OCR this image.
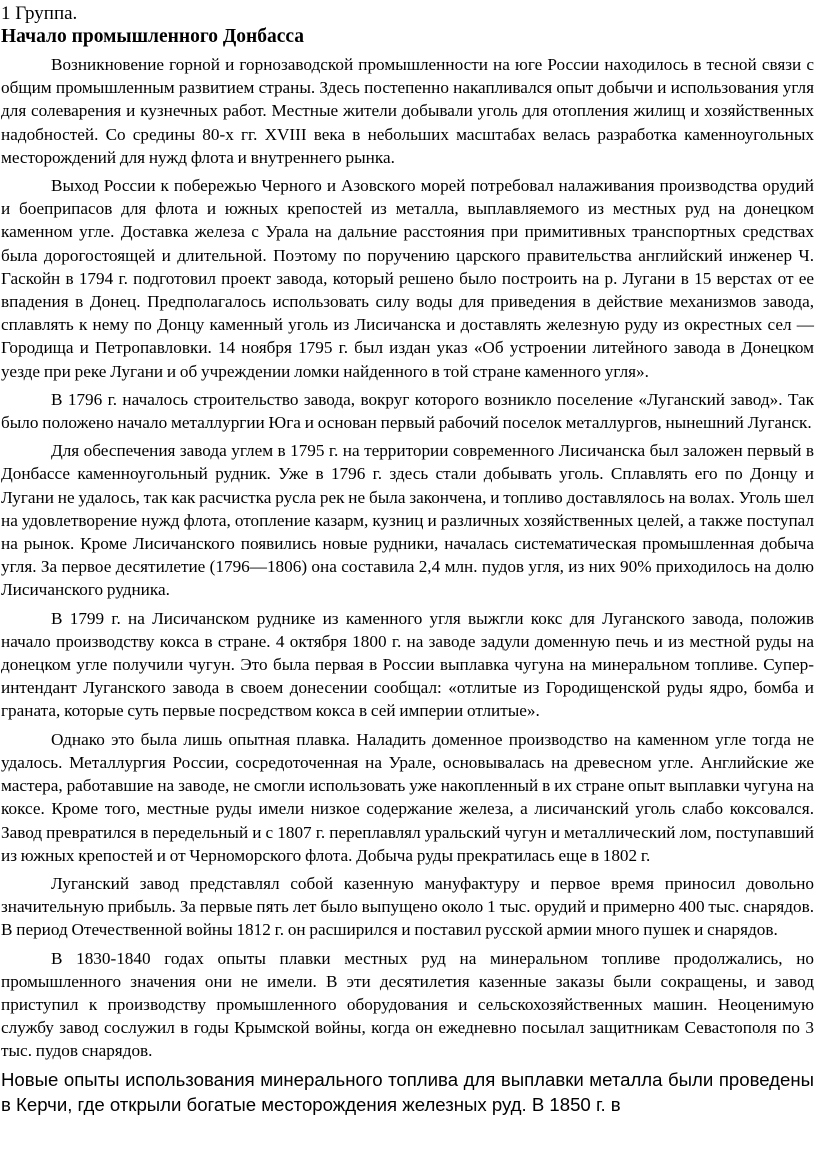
1 Группа.
Начало промышленного Донбасса

Возникновение горной и горнозаводской промышленности на юге России находилось в тесной связи с общим промышленным развитием страны. Здесь постепенно накапливался опыт добычи и использования угля для солеварения и кузнечных работ. Местные жители добывали уголь для отопления жилищ и хозяйственных надобностей. Со средины 80-х гг. XVIII века в небольших масштабах велась разработка каменноугольных месторождений для нужд флота и внутреннего рынка.

Выход России к побережью Черного и Азовского морей потребовал налаживания производства орудий и боеприпасов для флота и южных крепостей из металла, выплавляемого из местных руд на донецком каменном угле. Доставка железа с Урала на дальние расстояния при примитивных транспортных средствах была дорогостоящей и длительной. Поэтому по поручению царского правительства английский инженер Ч. Гаскойн в 1794 г. подготовил проект завода, который решено было построить на р. Лугани в 15 верстах от ее впадения в Донец. Предполагалось использовать силу воды для приведения в действие механизмов завода, сплавлять к нему по Донцу каменный уголь из Лисичанска и доставлять железную руду из окрестных сел — Городища и Петропавловки. 14 ноября 1795 г. был издан указ «Об устроении литейного завода в Донецком уезде при реке Лугани и об учреждении ломки найденного в той стране каменного угля».

В 1796 г. началось строительство завода, вокруг которого возникло поселение «Луганский завод». Так было положено начало металлургии Юга и основан первый рабочий поселок металлургов, нынешний Луганск.

Для обеспечения завода углем в 1795 г. на территории современного Лисичанска был заложен первый в Донбассе каменноугольный рудник. Уже в 1796 г. здесь стали добывать уголь. Сплавлять его по Донцу и Лугани не удалось, так как расчистка русла рек не была закончена, и топливо доставлялось на волах. Уголь шел на удовлетворение нужд флота, отопление казарм, кузниц и различных хозяйственных целей, а также поступал на рынок. Кроме Лисичанского появились новые рудники, началась систематическая промышленная добыча угля. За первое десятилетие (1796—1806) она составила 2,4 млн. пудов угля, из них 90% приходилось на долю Лисичанского рудника.

В 1799 г. на Лисичанском руднике из каменного угля выжгли кокс для Луганского завода, положив начало производству кокса в стране. 4 октября 1800 г. на заводе задули доменную печь и из местной руды на донецком угле получили чугун. Это была первая в России выплавка чугуна на минеральном топливе. Супер-интендант Луганского завода в своем донесении сообщал: «отлитые из Городищенской руды ядро, бомба и граната, которые суть первые посредством кокса в сей империи отлитые».

Однако это была лишь опытная плавка. Наладить доменное производство на каменном угле тогда не удалось. Металлургия России, сосредоточенная на Урале, основывалась на древесном угле. Английские же мастера, работавшие на заводе, не смогли использовать уже накопленный в их стране опыт выплавки чугуна на коксе. Кроме того, местные руды имели низкое содержание железа, а лисичанский уголь слабо коксовался. Завод превратился в передельный и с 1807 г. переплавлял уральский чугун и металлический лом, поступавший из южных крепостей и от Черноморского флота. Добыча руды прекратилась еще в 1802 г.

Луганский завод представлял собой казенную мануфактуру и первое время приносил довольно значительную прибыль. За первые пять лет было выпущено около 1 тыс. орудий и примерно 400 тыс. снарядов. В период Отечественной войны 1812 г. он расширился и поставил русской армии много пушек и снарядов.

В 1830-1840 годах опыты плавки местных руд на минеральном топливе продолжались, но промышленного значения они не имели. В эти десятилетия казенные заказы были сокращены, и завод приступил к производству промышленного оборудования и сельскохозяйственных машин. Неоценимую службу завод сослужил в годы Крымской войны, когда он ежедневно посылал защитникам Севастополя по 3 тыс. пудов снарядов.

Новые опыты использования минерального топлива для выплавки металла были проведены в Керчи, где открыли богатые месторождения железных руд. В 1850 г. в
